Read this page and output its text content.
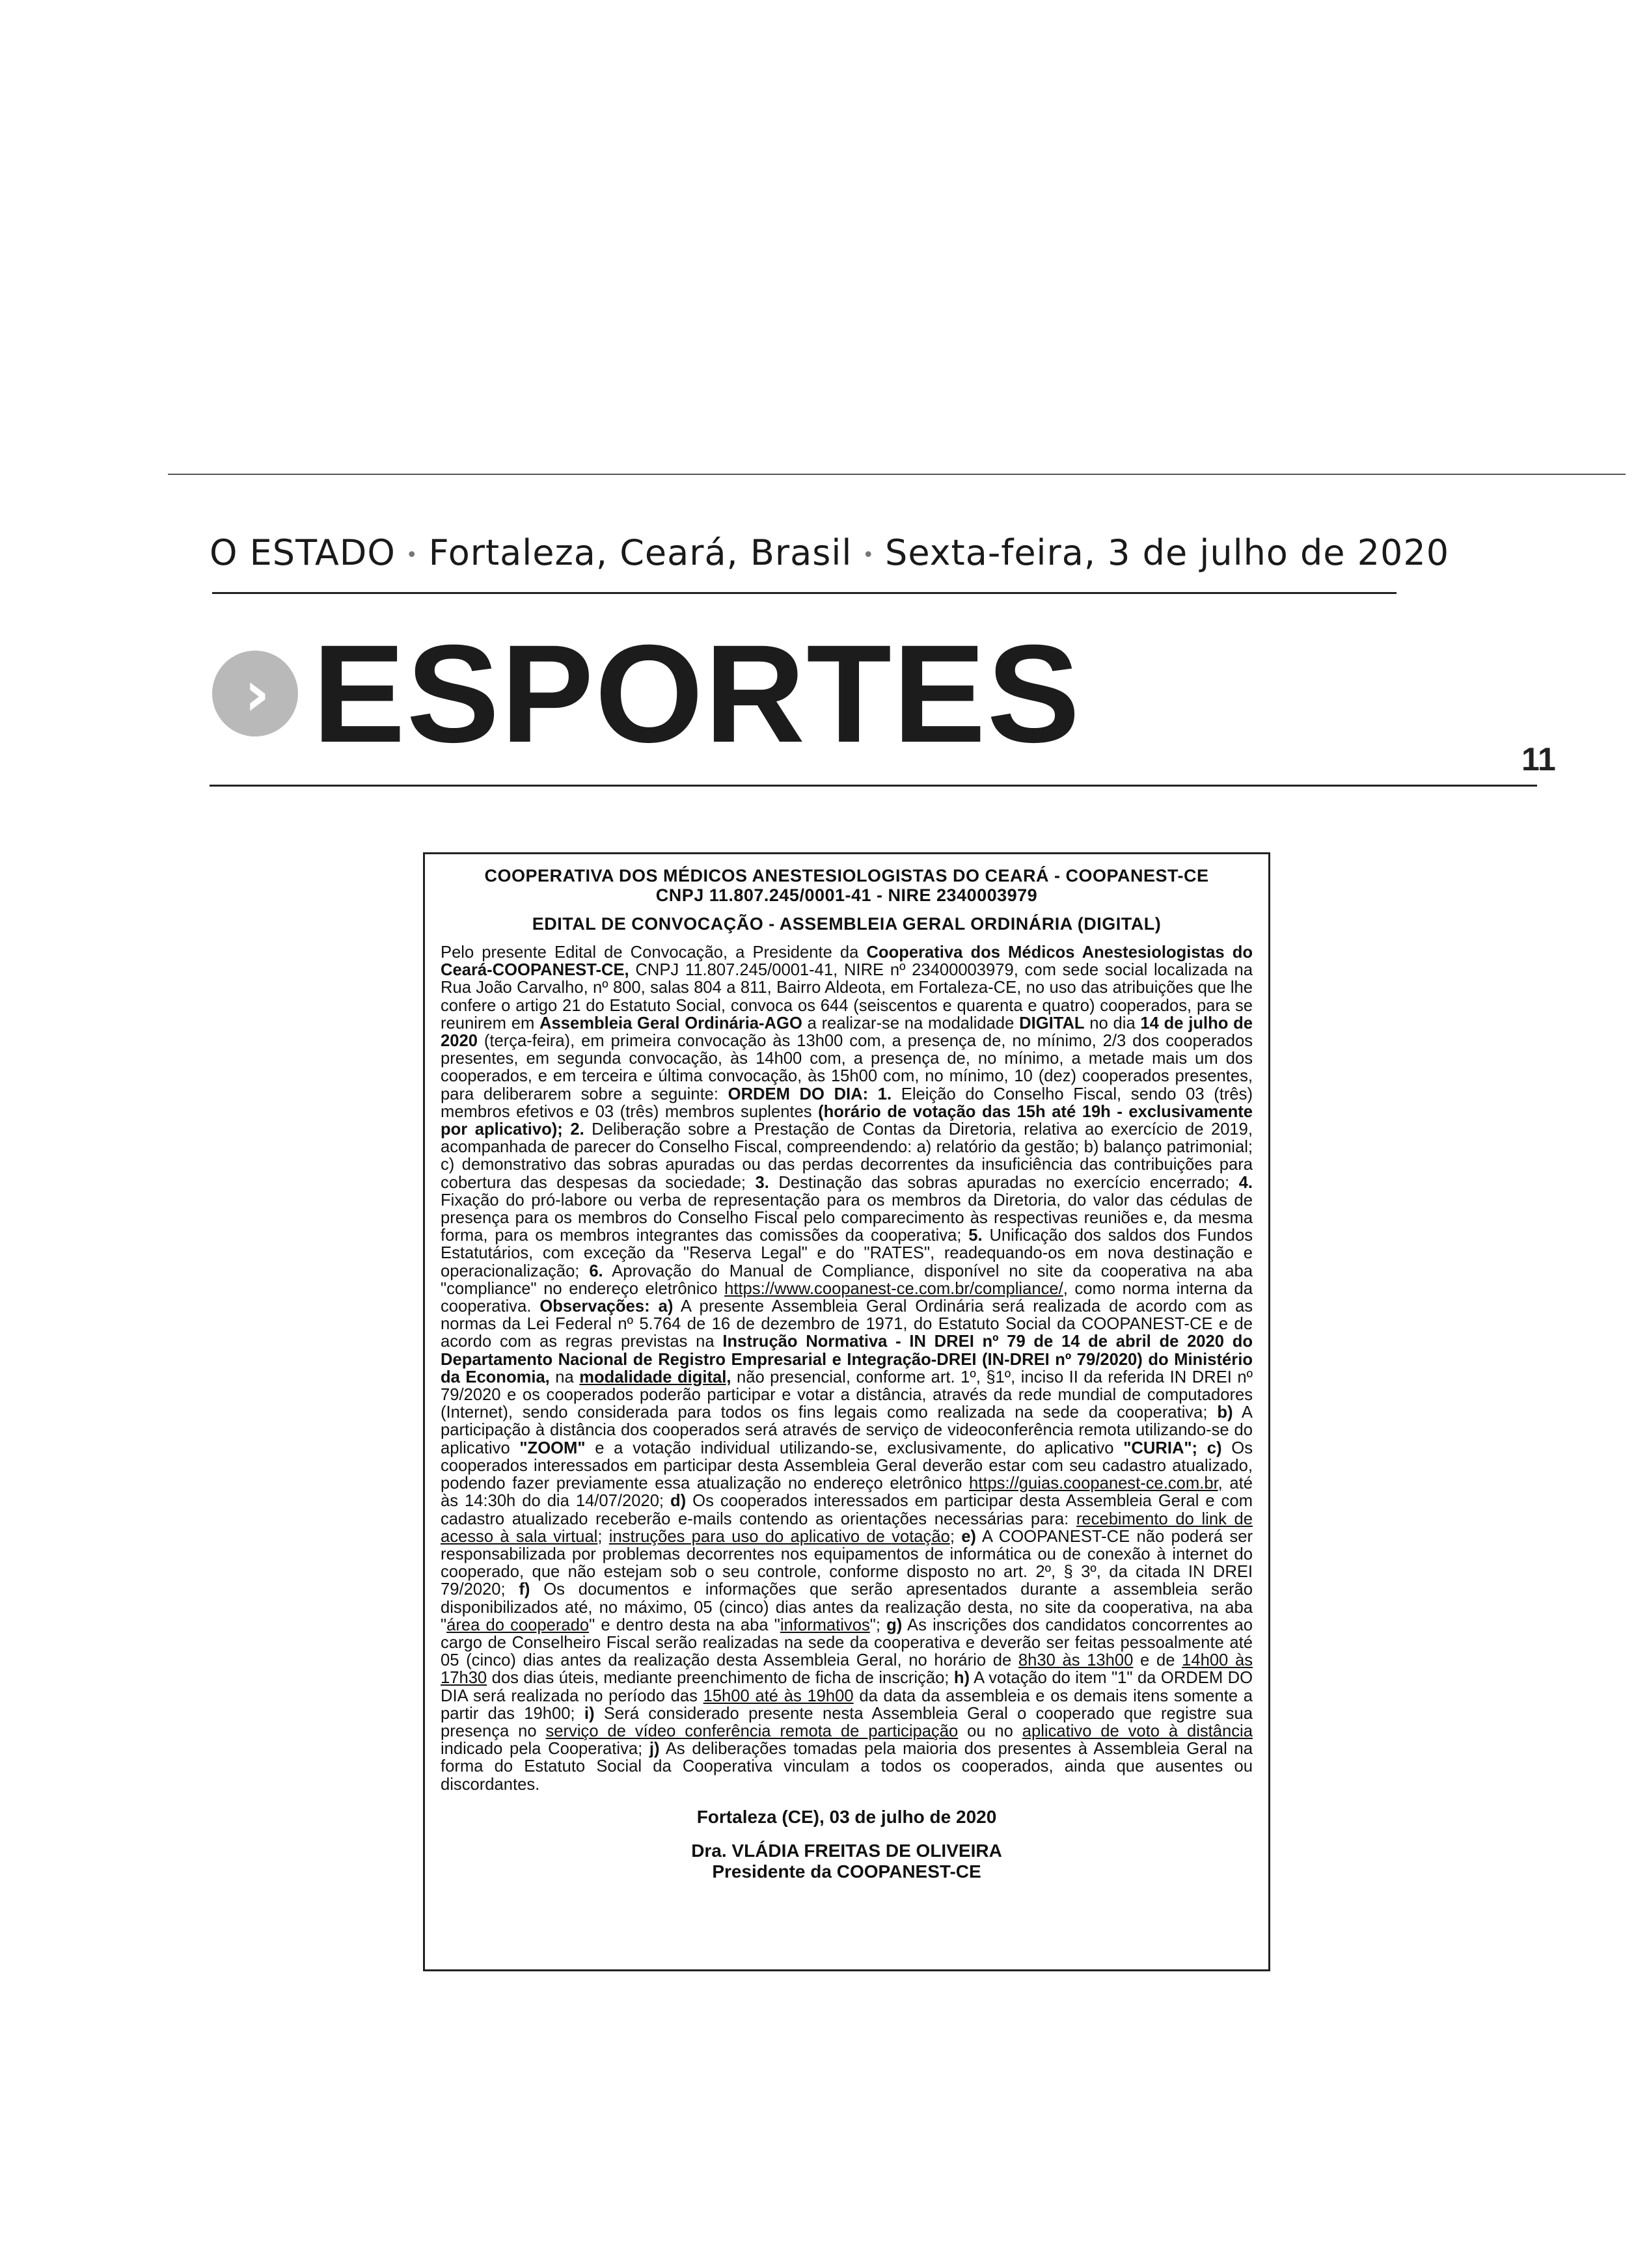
O ESTADO • Fortaleza, Ceará, Brasil • Sexta-feira, 3 de julho de 2020
› ESPORTES	11
COOPERATIVA DOS MÉDICOS ANESTESIOLOGISTAS DO CEARÁ - COOPANEST-CE
CNPJ 11.807.245/0001-41 - NIRE 2340003979
EDITAL DE CONVOCAÇÃO - ASSEMBLEIA GERAL ORDINÁRIA (DIGITAL)
Pelo presente Edital de Convocação, a Presidente da Cooperativa dos Médicos Anestesiologistas do Ceará-COOPANEST-CE, CNPJ 11.807.245/0001-41, NIRE nº 23400003979, com sede social localizada na Rua João Carvalho, nº 800, salas 804 a 811, Bairro Aldeota, em Fortaleza-CE, no uso das atribuições que lhe confere o artigo 21 do Estatuto Social, convoca os 644 (seiscentos e quarenta e quatro) cooperados, para se reunirem em Assembleia Geral Ordinária-AGO a realizar-se na modalidade DIGITAL no dia 14 de julho de 2020 (terça-feira), em primeira convocação às 13h00 com, a presença de, no mínimo, 2/3 dos cooperados presentes, em segunda convocação, às 14h00 com, a presença de, no mínimo, a metade mais um dos cooperados, e em terceira e última convocação, às 15h00 com, no mínimo, 10 (dez) cooperados presentes, para deliberarem sobre a seguinte: ORDEM DO DIA: 1. Eleição do Conselho Fiscal, sendo 03 (três) membros efetivos e 03 (três) membros suplentes (horário de votação das 15h até 19h - exclusivamente por aplicativo); 2. Deliberação sobre a Prestação de Contas da Diretoria, relativa ao exercício de 2019, acompanhada de parecer do Conselho Fiscal, compreendendo: a) relatório da gestão; b) balanço patrimonial; c) demonstrativo das sobras apuradas ou das perdas decorrentes da insuficiência das contribuições para cobertura das despesas da sociedade; 3. Destinação das sobras apuradas no exercício encerrado; 4. Fixação do pró-labore ou verba de representação para os membros da Diretoria, do valor das cédulas de presença para os membros do Conselho Fiscal pelo comparecimento às respectivas reuniões e, da mesma forma, para os membros integrantes das comissões da cooperativa; 5. Unificação dos saldos dos Fundos Estatutários, com exceção da "Reserva Legal" e do "RATES", readequando-os em nova destinação e operacionalização; 6. Aprovação do Manual de Compliance, disponível no site da cooperativa na aba "compliance" no endereço eletrônico https://www.coopanest-ce.com.br/compliance/, como norma interna da cooperativa. Observações: a) A presente Assembleia Geral Ordinária será realizada de acordo com as normas da Lei Federal nº 5.764 de 16 de dezembro de 1971, do Estatuto Social da COOPANEST-CE e de acordo com as regras previstas na Instrução Normativa - IN DREI nº 79 de 14 de abril de 2020 do Departamento Nacional de Registro Empresarial e Integração-DREI (IN-DREI nº 79/2020) do Ministério da Economia, na modalidade digital, não presencial, conforme art. 1º, §1º, inciso II da referida IN DREI nº 79/2020 e os cooperados poderão participar e votar a distância, através da rede mundial de computadores (Internet), sendo considerada para todos os fins legais como realizada na sede da cooperativa; b) A participação à distância dos cooperados será através de serviço de videoconferência remota utilizando-se do aplicativo "ZOOM" e a votação individual utilizando-se, exclusivamente, do aplicativo "CURIA"; c) Os cooperados interessados em participar desta Assembleia Geral deverão estar com seu cadastro atualizado, podendo fazer previamente essa atualização no endereço eletrônico https://guias.coopanest-ce.com.br, até às 14:30h do dia 14/07/2020; d) Os cooperados interessados em participar desta Assembleia Geral e com cadastro atualizado receberão e-mails contendo as orientações necessárias para: recebimento do link de acesso à sala virtual; instruções para uso do aplicativo de votação; e) A COOPANEST-CE não poderá ser responsabilizada por problemas decorrentes nos equipamentos de informática ou de conexão à internet do cooperado, que não estejam sob o seu controle, conforme disposto no art. 2º, § 3º, da citada IN DREI 79/2020; f) Os documentos e informações que serão apresentados durante a assembleia serão disponibilizados até, no máximo, 05 (cinco) dias antes da realização desta, no site da cooperativa, na aba "área do cooperado" e dentro desta na aba "informativos"; g) As inscrições dos candidatos concorrentes ao cargo de Conselheiro Fiscal serão realizadas na sede da cooperativa e deverão ser feitas pessoalmente até 05 (cinco) dias antes da realização desta Assembleia Geral, no horário de 8h30 às 13h00 e de 14h00 às 17h30 dos dias úteis, mediante preenchimento de ficha de inscrição; h) A votação do item "1" da ORDEM DO DIA será realizada no período das 15h00 até às 19h00 da data da assembleia e os demais itens somente a partir das 19h00; i) Será considerado presente nesta Assembleia Geral o cooperado que registre sua presença no serviço de vídeo conferência remota de participação ou no aplicativo de voto à distância indicado pela Cooperativa; j) As deliberações tomadas pela maioria dos presentes à Assembleia Geral na forma do Estatuto Social da Cooperativa vinculam a todos os cooperados, ainda que ausentes ou discordantes.
Fortaleza (CE), 03 de julho de 2020
Dra. VLÁDIA FREITAS DE OLIVEIRA
Presidente da COOPANEST-CE
